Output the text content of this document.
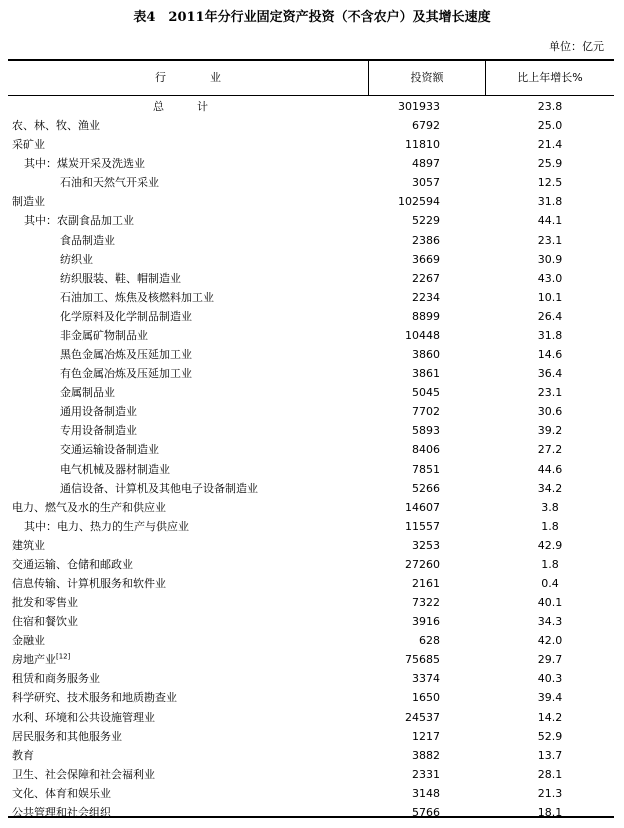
表4　2011年分行业固定资产投资（不含农户）及其增长速度
单位：亿元
行　　　　业	投资额	比上年增长%
总　　　计	301933	23.8
农、林、牧、渔业	6792	25.0
采矿业	11810	21.4
其中：煤炭开采及洗选业	4897	25.9
石油和天然气开采业	3057	12.5
制造业	102594	31.8
其中：农副食品加工业	5229	44.1
食品制造业	2386	23.1
纺织业	3669	30.9
纺织服装、鞋、帽制造业	2267	43.0
石油加工、炼焦及核燃料加工业	2234	10.1
化学原料及化学制品制造业	8899	26.4
非金属矿物制品业	10448	31.8
黑色金属冶炼及压延加工业	3860	14.6
有色金属冶炼及压延加工业	3861	36.4
金属制品业	5045	23.1
通用设备制造业	7702	30.6
专用设备制造业	5893	39.2
交通运输设备制造业	8406	27.2
电气机械及器材制造业	7851	44.6
通信设备、计算机及其他电子设备制造业	5266	34.2
电力、燃气及水的生产和供应业	14607	3.8
其中：电力、热力的生产与供应业	11557	1.8
建筑业	3253	42.9
交通运输、仓储和邮政业	27260	1.8
信息传输、计算机服务和软件业	2161	0.4
批发和零售业	7322	40.1
住宿和餐饮业	3916	34.3
金融业	628	42.0
房地产业[12]	75685	29.7
租赁和商务服务业	3374	40.3
科学研究、技术服务和地质勘查业	1650	39.4
水利、环境和公共设施管理业	24537	14.2
居民服务和其他服务业	1217	52.9
教育	3882	13.7
卫生、社会保障和社会福利业	2331	28.1
文化、体育和娱乐业	3148	21.3
公共管理和社会组织	5766	18.1
